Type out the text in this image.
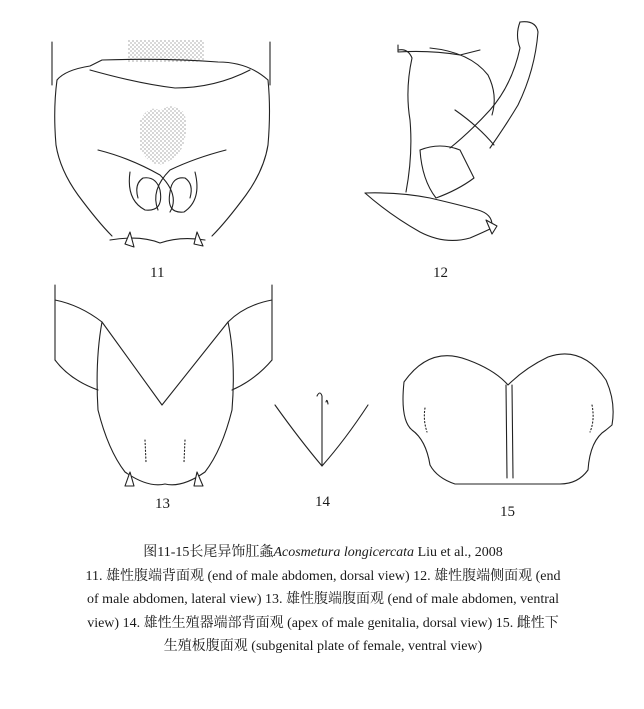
11	12
13	14
15
图11-15长尾异饰肛螽Acosmetura longicercata Liu et al., 2008
11. 雄性腹端背面观 (end of male abdomen, dorsal view) 12. 雄性腹端侧面观 (end
of male abdomen, lateral view) 13. 雄性腹端腹面观 (end of male abdomen, ventral
view) 14. 雄性生殖器端部背面观 (apex of male genitalia, dorsal view) 15. 雌性下
生殖板腹面观 (subgenital plate of female, ventral view)
